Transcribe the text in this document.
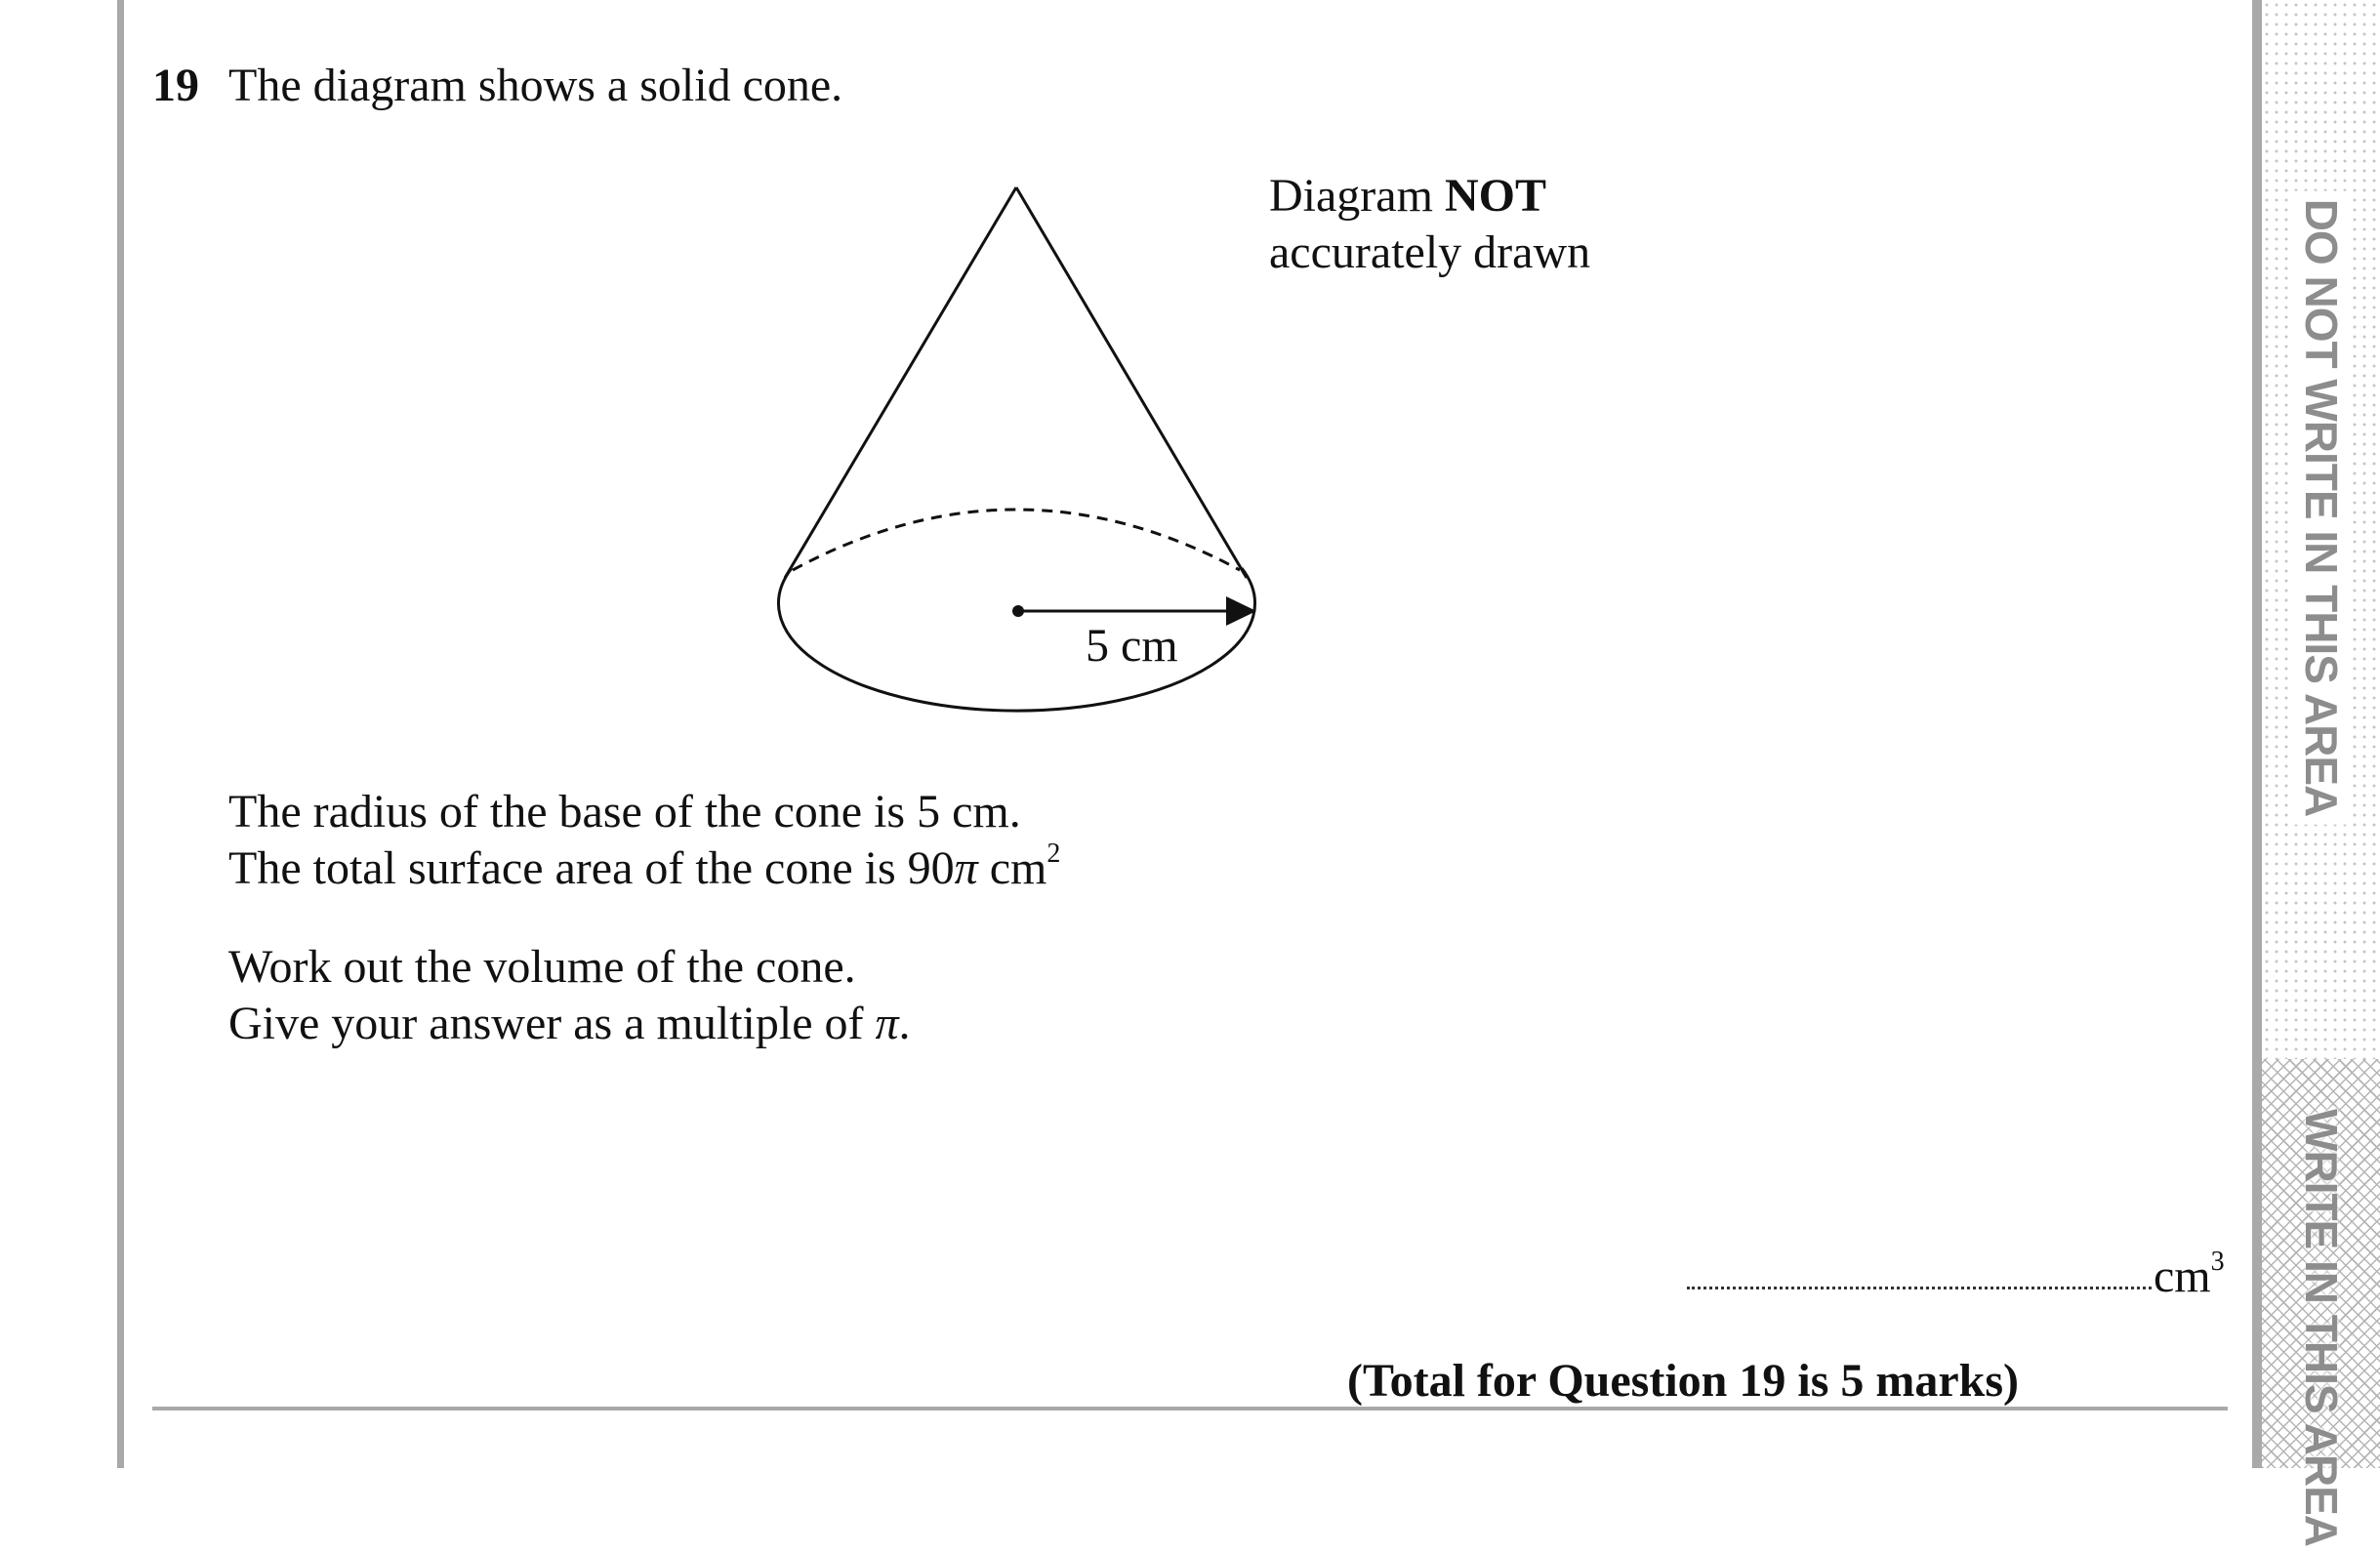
DO NOT WRITE IN THIS AREA
WRITE IN THIS AREA
19 The diagram shows a solid cone.
Diagram NOT
accurately drawn
5 cm
The radius of the base of the cone is 5 cm.
The total surface area of the cone is 90π $cm^2$
Work out the volume of the cone.
Give your answer as a multiple of π.
$cm^3$
(Total for Question 19 is 5 marks)
